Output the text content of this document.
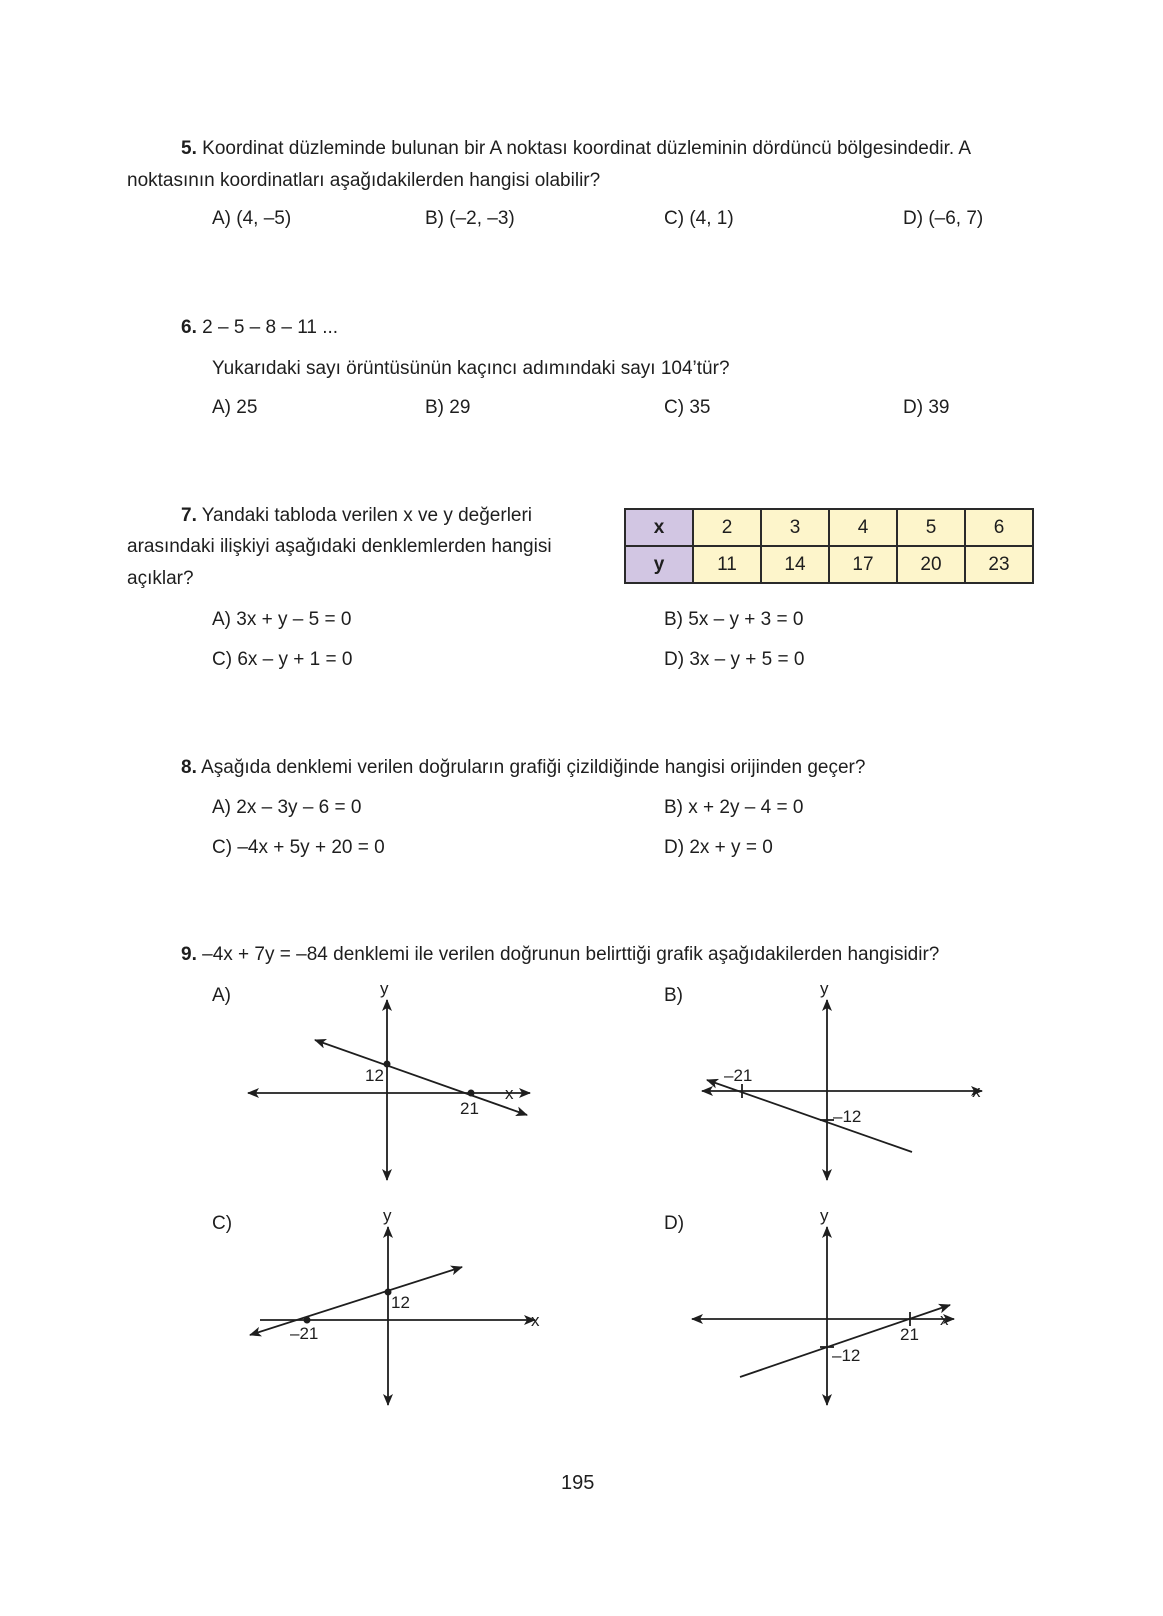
5. Koordinat düzleminde bulunan bir A noktası koordinat düzleminin dördüncü bölgesindedir. A
noktasının koordinatları aşağıdakilerden hangisi olabilir?
A) (4, –5)	B) (–2, –3)	C) (4, 1)	D) (–6, 7)
6. 2 – 5 – 8 – 11 ...
Yukarıdaki sayı örüntüsünün kaçıncı adımındaki sayı 104’tür?
A) 25	B) 29	C) 35	D) 39
7. Yandaki tabloda verilen x ve y değerleri
arasındaki ilişkiyi aşağıdaki denklemlerden hangisi
açıklar?
x	2	3	4	5	6
y	11	14	17	20	23
A) 3x + y – 5 = 0	B) 5x – y + 3 = 0
C) 6x – y + 1 = 0	D) 3x – y + 5 = 0
8. Aşağıda denklemi verilen doğruların grafiği çizildiğinde hangisi orijinden geçer?
A) 2x – 3y – 6 = 0	B) x + 2y – 4 = 0
C) –4x + 5y + 20 = 0	D) 2x + y = 0
9. –4x + 7y = –84 denklemi ile verilen doğrunun belirttiği grafik aşağıdakilerden hangisidir?
A)	B)
C)	D)
y
x
12
21
y
x
–21
–12
y
x
12
–21
y
x
21
–12
195
